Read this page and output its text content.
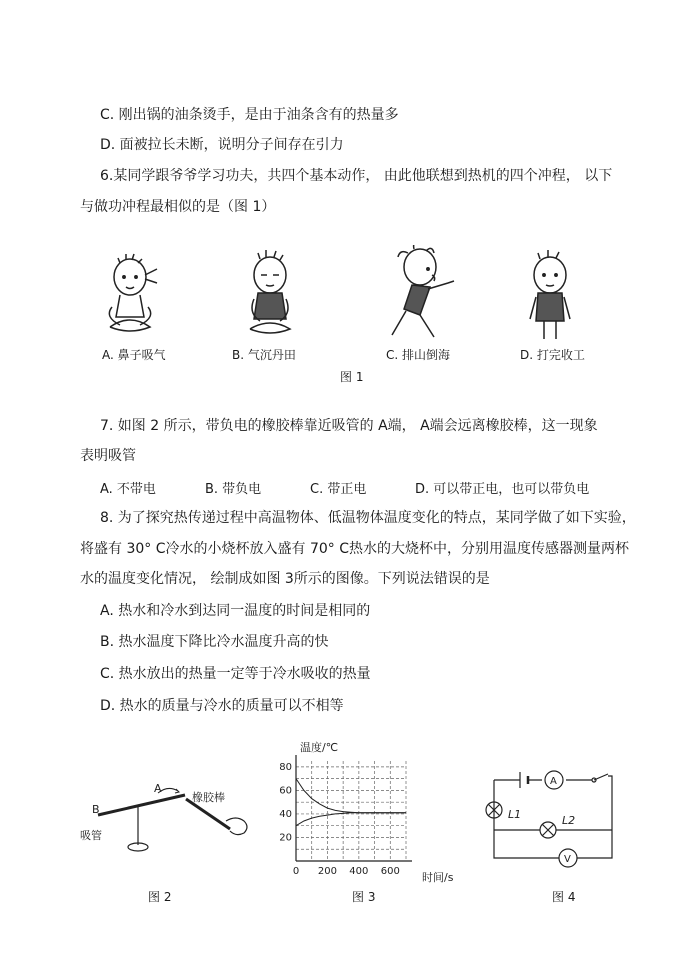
C. 刚出锅的油条烫手，是由于油条含有的热量多
D. 面被拉长未断，说明分子间存在引力
6.某同学跟爷爷学习功夫，共四个基本动作， 由此他联想到热机的四个冲程， 以下
与做功冲程最相似的是（图 1）
A. 鼻子吸气	B. 气沉丹田	C. 排山倒海	D. 打完收工
图 1
7. 如图 2 所示，带负电的橡胶棒靠近吸管的 A端， A端会远离橡胶棒，这一现象
表明吸管
A. 不带电	B. 带负电	C. 带正电	D. 可以带正电，也可以带负电
8. 为了探究热传递过程中高温物体、低温物体温度变化的特点，某同学做了如下实验，
将盛有 30° C冷水的小烧杯放入盛有 70° C热水的大烧杯中，分别用温度传感器测量两杯
水的温度变化情况， 绘制成如图 3所示的图像。下列说法错误的是
A. 热水和冷水到达同一温度的时间是相同的
B. 热水温度下降比冷水温度升高的快
C. 热水放出的热量一定等于冷水吸收的热量
D. 热水的质量与冷水的质量可以不相等
B
A
吸管
橡胶棒
图 2
0 200 400 600
20
40
60
80
温度/℃
时间/s
图 3
A
V
L1	L2
图 4
